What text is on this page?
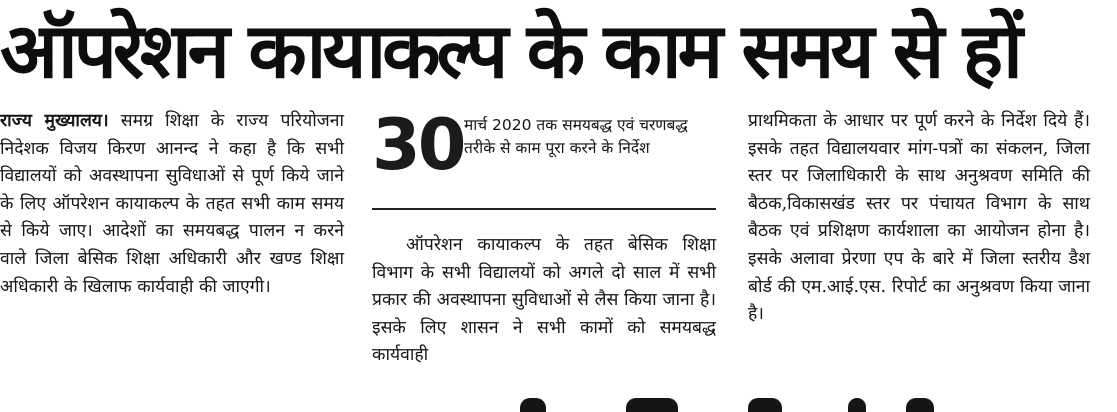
ऑपरेशन कायाकल्प के काम समय से हों

राज्य मुख्यालय। समग्र शिक्षा के राज्य परियोजना निदेशक विजय किरण आनन्द ने कहा है कि सभी विद्यालयों को अवस्थापना सुविधाओं से पूर्ण किये जाने के लिए ऑपरेशन कायाकल्प के तहत सभी काम समय से किये जाए। आदेशों का समयबद्ध पालन न करने वाले जिला बेसिक शिक्षा अधिकारी और खण्ड शिक्षा अधिकारी के खिलाफ कार्यवाही की जाएगी।

30 मार्च 2020 तक समयबद्ध एवं चरणबद्ध तरीके से काम पूरा करने के निर्देश

ऑपरेशन कायाकल्प के तहत बेसिक शिक्षा विभाग के सभी विद्यालयों को अगले दो साल में सभी प्रकार की अवस्थापना सुविधाओं से लैस किया जाना है। इसके लिए शासन ने सभी कामों को समयबद्ध कार्यवाही

प्राथमिकता के आधार पर पूर्ण करने के निर्देश दिये हैं। इसके तहत विद्यालयवार मांग-पत्रों का संकलन, जिला स्तर पर जिलाधिकारी के साथ अनुश्रवण समिति की बैठक,विकासखंड स्तर पर पंचायत विभाग के साथ बैठक एवं प्रशिक्षण कार्यशाला का आयोजन होना है। इसके अलावा प्रेरणा एप के बारे में जिला स्तरीय डैश बोर्ड की एम.आई.एस. रिपोर्ट का अनुश्रवण किया जाना है।
